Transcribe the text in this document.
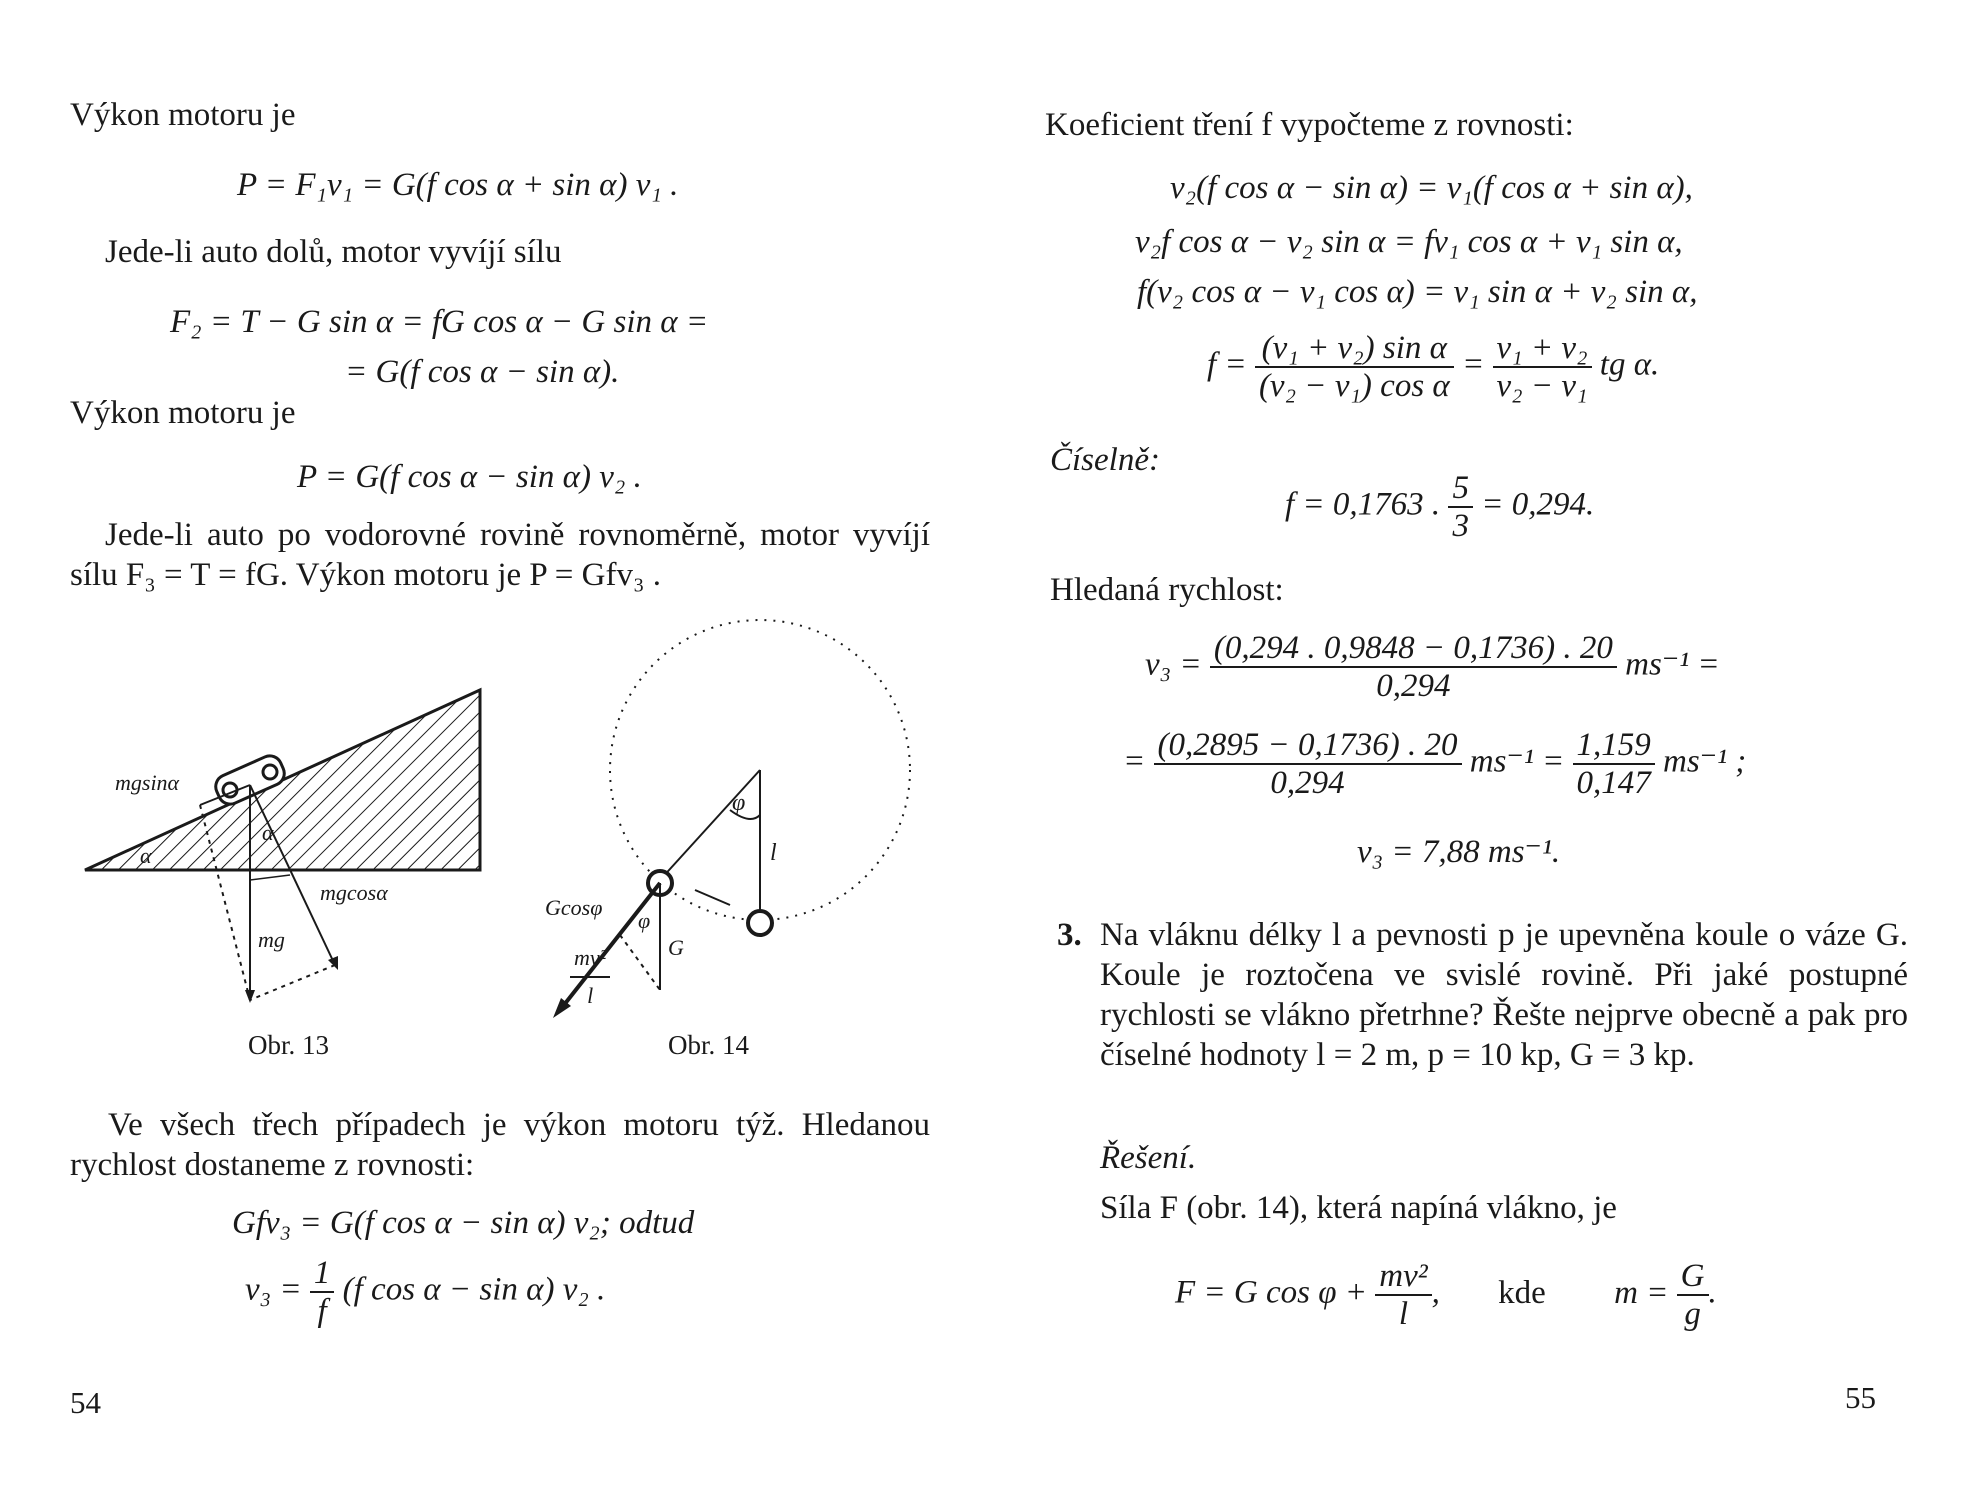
Výkon motoru je
P = F₁v₁ = G(f cos α + sin α) v₁ .
Jede-li auto dolů, motor vyvíjí sílu
F₂ = T − G sin α = fG cos α − G sin α =
= G(f cos α − sin α).
Výkon motoru je
P = G(f cos α − sin α) v₂ .
Jede-li auto po vodorovné rovině rovnoměrně, motor vyvíjí sílu F₃ = T = fG. Výkon motoru je P = Gfv₃ .
mgsinα
α
α
mgcosα
mg
Obr. 13
φ
l
Gcosφ
φ
G
$\frac{\text{mv²}}{l}$
Obr. 14
Ve všech třech případech je výkon motoru týž. Hledanou rychlost dostaneme z rovnosti:
Gfv₃ = G(f cos α − sin α) v₂; odtud
$v_3 = \frac{1}{f} (f$ cos α − sin α) v₂ .
54
Koeficient tření f vypočteme z rovnosti:
v₂(f cos α − sin α) = v₁(f cos α + sin α),
v₂f cos α − v₂ sin α = fv₁ cos α + v₁ sin α,
f(v₂ cos α − v₁ cos α) = v₁ sin α + v₂ sin α,
$f = \frac{\text{(v₁ + v₂) sin α}}{\text{(v₂ − v₁) cos α}} = \frac{\text{v₁ + v₂}}{\text{v₂ − v₁}}$ tg α.
Číselně:
f = 0,1763 . $\frac{5}{3} = 0,294$.
Hledaná rychlost:
$v_3 = \frac{(0,294 . 0,9848 - 0,1736) . 20}{0,294} ms^{-1}$ =
= $\frac{(0,2895 - 0,1736) . 20}{0,294} ms^{-1} = \frac{1,159}{0,147} ms^{-1}$ ;
v₃ = 7,88 ms⁻¹.
3. Na vláknu délky l a pevnosti p je upevněna koule o váze G. Koule je roztočena ve svislé rovině. Při jaké postupné rychlosti se vlákno přetrhne? Řešte nejprve obecně a pak pro číselné hodnoty l = 2 m, p = 10 kp, G = 3 kp.
Řešení.
Síla F (obr. 14), která napíná vlákno, je
F = G $\cos \varphi + \frac{\text{mv²}}{l}$ , kde $m = \frac{G}{g}$ .
55
